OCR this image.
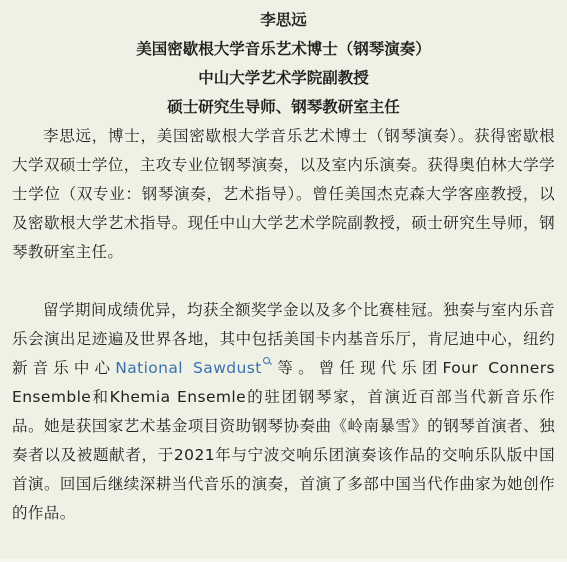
李思远
美国密歇根大学音乐艺术博士（钢琴演奏）
中山大学艺术学院副教授
硕士研究生导师、钢琴教研室主任

李思远，博士，美国密歇根大学音乐艺术博士（钢琴演奏）。获得密歇根大学双硕士学位，主攻专业位钢琴演奏，以及室内乐演奏。获得奥伯林大学学士学位（双专业：钢琴演奏，艺术指导）。曾任美国杰克森大学客座教授，以及密歇根大学艺术指导。现任中山大学艺术学院副教授，硕士研究生导师，钢琴教研室主任。

留学期间成绩优异，均获全额奖学金以及多个比赛桂冠。独奏与室内乐音乐会演出足迹遍及世界各地，其中包括美国卡内基音乐厅，肯尼迪中心，纽约新音乐中心National Sawdust 等。曾任现代乐团Four Conners Ensemble和Khemia Ensemle的驻团钢琴家，首演近百部当代新音乐作品。她是获国家艺术基金项目资助钢琴协奏曲《岭南暴雪》的钢琴首演者、独奏者以及被题献者，于2021年与宁波交响乐团演奏该作品的交响乐队版中国首演。回国后继续深耕当代音乐的演奏，首演了多部中国当代作曲家为她创作的作品。
